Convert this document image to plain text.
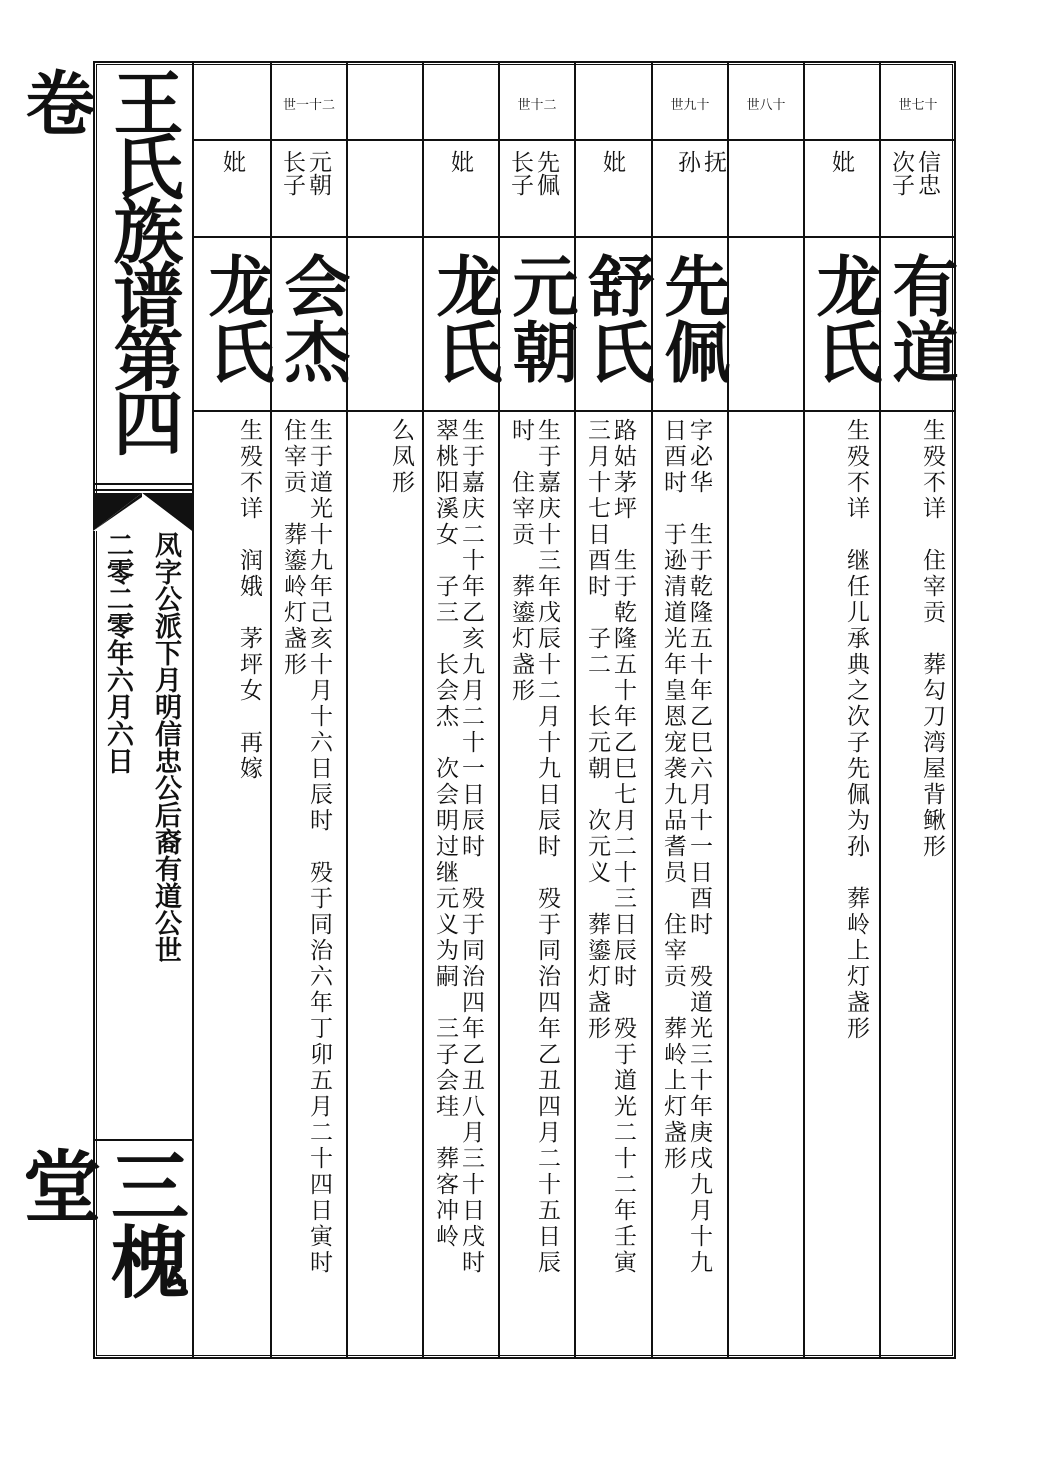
王氏族谱第四卷
凤字公派下月明信忠公后裔有道公世
二零二零年六月六日
三槐堂
世七十
信忠
次子
有道
生殁不详　住宰贡　葬勾刀湾屋背鳅形
妣
龙氏
生殁不详　继任儿承典之次子先佩为孙　葬岭上灯盏形
世八十
世九十
抚
孙
先佩
字必华　生于乾隆五十年乙巳六月十一日酉时　殁道光三十年庚戌九月十九
日酉时　于逊清道光年皇恩宠袭九品耆员　住宰贡　葬岭上灯盏形
妣
舒氏
路姑茅坪　生于乾隆五十年乙巳七月二十三日辰时　殁于道光二十二年壬寅
三月十七日酉时　子二　长元朝　次元义　葬鎏灯盏形
世十二
先佩
长子
元朝
生于嘉庆十三年戊辰十二月十九日辰时　殁于同治四年乙丑四月二十五日辰
时　住宰贡　葬鎏灯盏形
妣
龙氏
生于嘉庆二十年乙亥九月二十一日辰时　殁于同治四年乙丑八月三十日戌时
翠桃阳溪女　子三　长会杰　次会明过继元义为嗣　三子会珪　葬客冲岭
么凤形
世一十二
元朝
长子
会杰
生于道光十九年己亥十月十六日辰时　殁于同治六年丁卯五月二十四日寅时
住宰贡　葬鎏岭灯盏形
妣
龙氏
生殁不详　润娥　茅坪女　再嫁
